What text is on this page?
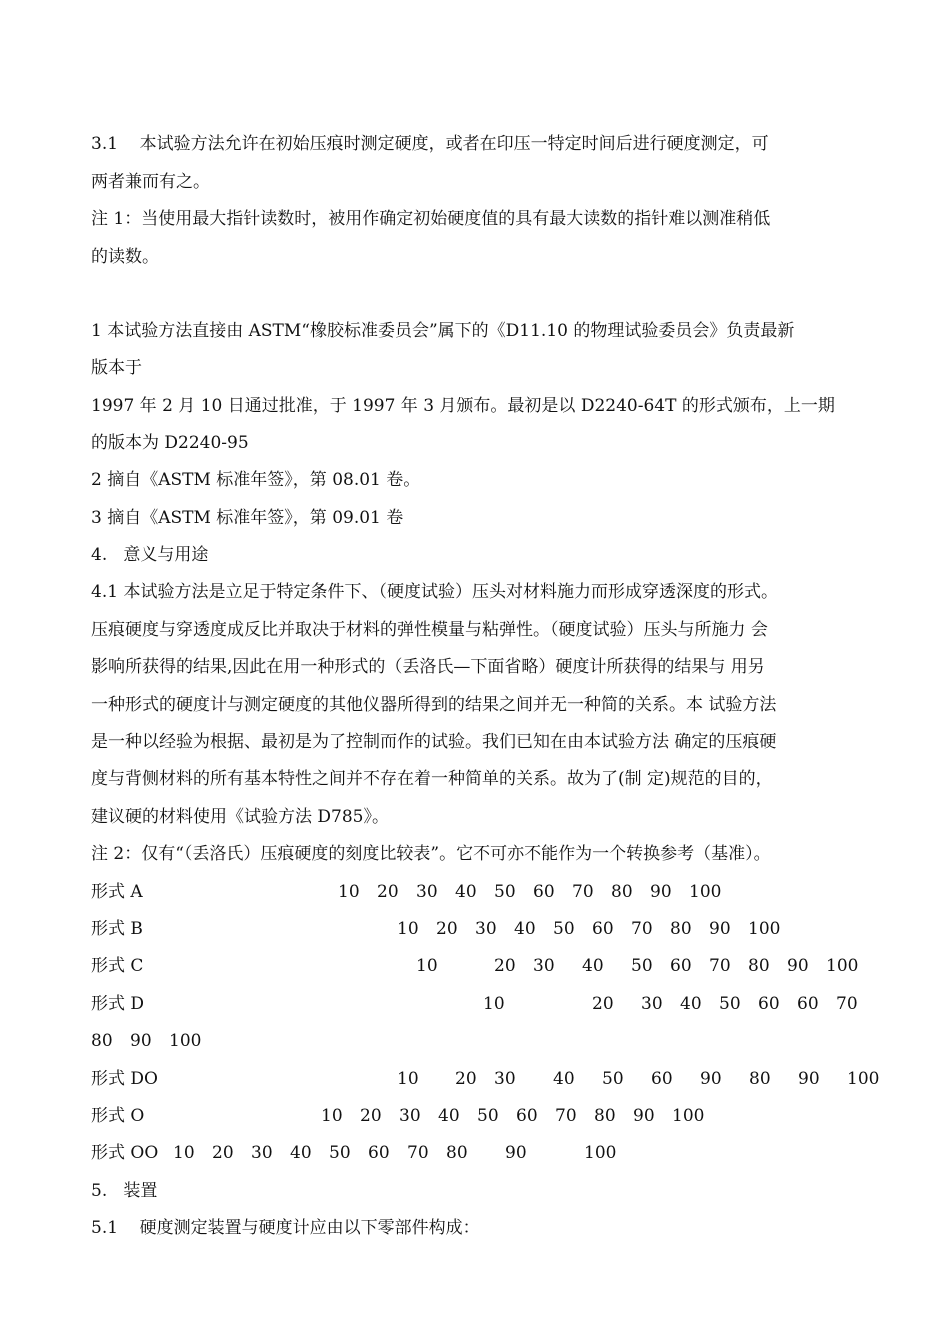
3.1    本试验方法允许在初始压痕时测定硬度，或者在印压一特定时间后进行硬度测定，可
两者兼而有之。
注 1：当使用最大指针读数时，被用作确定初始硬度值的具有最大读数的指针难以测准稍低
的读数。
1 本试验方法直接由 ASTM“橡胶标准委员会”属下的《D11.10 的物理试验委员会》负责最新
版本于
1997 年 2 月 10 日通过批准，于 1997 年 3 月颁布。最初是以 D2240-64T 的形式颁布，上一期
的版本为 D2240-95
2 摘自《ASTM 标准年签》，第 08.01 卷。
3 摘自《ASTM 标准年签》，第 09.01 卷
4.   意义与用途
4.1 本试验方法是立足于特定条件下、（硬度试验）压头对材料施力而形成穿透深度的形式。
压痕硬度与穿透度成反比并取决于材料的弹性模量与粘弹性。（硬度试验）压头与所施力 会
影响所获得的结果,因此在用一种形式的（丢洛氏—下面省略）硬度计所获得的结果与 用另
一种形式的硬度计与测定硬度的其他仪器所得到的结果之间并无一种简的关系。本 试验方法
是一种以经验为根据、最初是为了控制而作的试验。我们已知在由本试验方法 确定的压痕硬
度与背侧材料的所有基本特性之间并不存在着一种简单的关系。故为了(制 定)规范的目的，
建议硬的材料使用《试验方法 D785》。
注 2：仅有“（丢洛氏）压痕硬度的刻度比较表”。它不可亦不能作为一个转换参考（基准）。
形式 A	10 20 30 40 50 60 70 80 90 100
形式 B	10 20 30 40 50 60 70 80 90 100
形式 C	10	20 30 40 50 60 70 80 90 100
形式 D	10	20 30 40 50 60 60 70
80 90 100
形式 DO	10 20 30 40 50 60 90 80 90 100
形式 O	10 20 30 40 50 60 70 80 90 100
形式 OO 10 20 30 40 50 60 70 80 90	100
5.   装置
5.1    硬度测定装置与硬度计应由以下零部件构成：
